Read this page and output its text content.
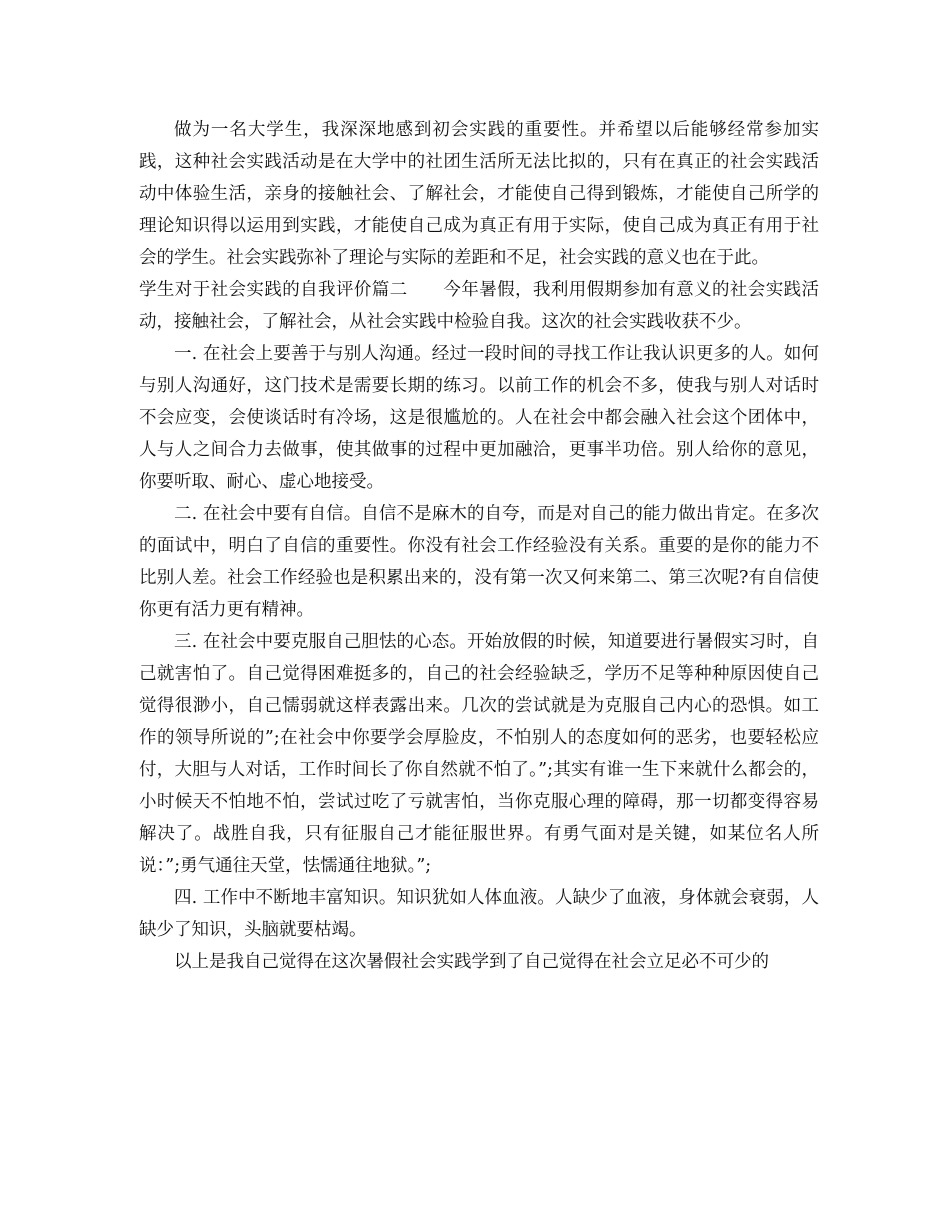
做为一名大学生，我深深地感到初会实践的重要性。并希望以后能够经常参加实践，这种社会实践活动是在大学中的社团生活所无法比拟的，只有在真正的社会实践活动中体验生活，亲身的接触社会、了解社会，才能使自己得到锻炼，才能使自己所学的理论知识得以运用到实践，才能使自己成为真正有用于实际，使自己成为真正有用于社会的学生。社会实践弥补了理论与实际的差距和不足，社会实践的意义也在于此。

学生对于社会实践的自我评价篇二　　 今年暑假，我利用假期参加有意义的社会实践活动，接触社会，了解社会，从社会实践中检验自我。这次的社会实践收获不少。

一. 在社会上要善于与别人沟通。经过一段时间的寻找工作让我认识更多的人。如何与别人沟通好，这门技术是需要长期的练习。以前工作的机会不多，使我与别人对话时不会应变，会使谈话时有冷场，这是很尴尬的。人在社会中都会融入社会这个团体中，人与人之间合力去做事，使其做事的过程中更加融洽，更事半功倍。别人给你的意见，你要听取、耐心、虚心地接受。

二. 在社会中要有自信。自信不是麻木的自夸，而是对自己的能力做出肯定。在多次的面试中，明白了自信的重要性。你没有社会工作经验没有关系。重要的是你的能力不比别人差。社会工作经验也是积累出来的，没有第一次又何来第二、第三次呢?有自信使你更有活力更有精神。

三. 在社会中要克服自己胆怯的心态。开始放假的时候，知道要进行暑假实习时，自己就害怕了。自己觉得困难挺多的，自己的社会经验缺乏，学历不足等种种原因使自己觉得很渺小，自己懦弱就这样表露出来。几次的尝试就是为克服自己内心的恐惧。如工作的领导所说的”;在社会中你要学会厚脸皮，不怕别人的态度如何的恶劣，也要轻松应付，大胆与人对话，工作时间长了你自然就不怕了。”;其实有谁一生下来就什么都会的，小时候天不怕地不怕，尝试过吃了亏就害怕，当你克服心理的障碍，那一切都变得容易解决了。战胜自我，只有征服自己才能征服世界。有勇气面对是关键，如某位名人所说：”;勇气通往天堂，怯懦通往地狱。”;

四. 工作中不断地丰富知识。知识犹如人体血液。人缺少了血液，身体就会衰弱，人缺少了知识，头脑就要枯竭。

以上是我自己觉得在这次暑假社会实践学到了自己觉得在社会立足必不可少的
